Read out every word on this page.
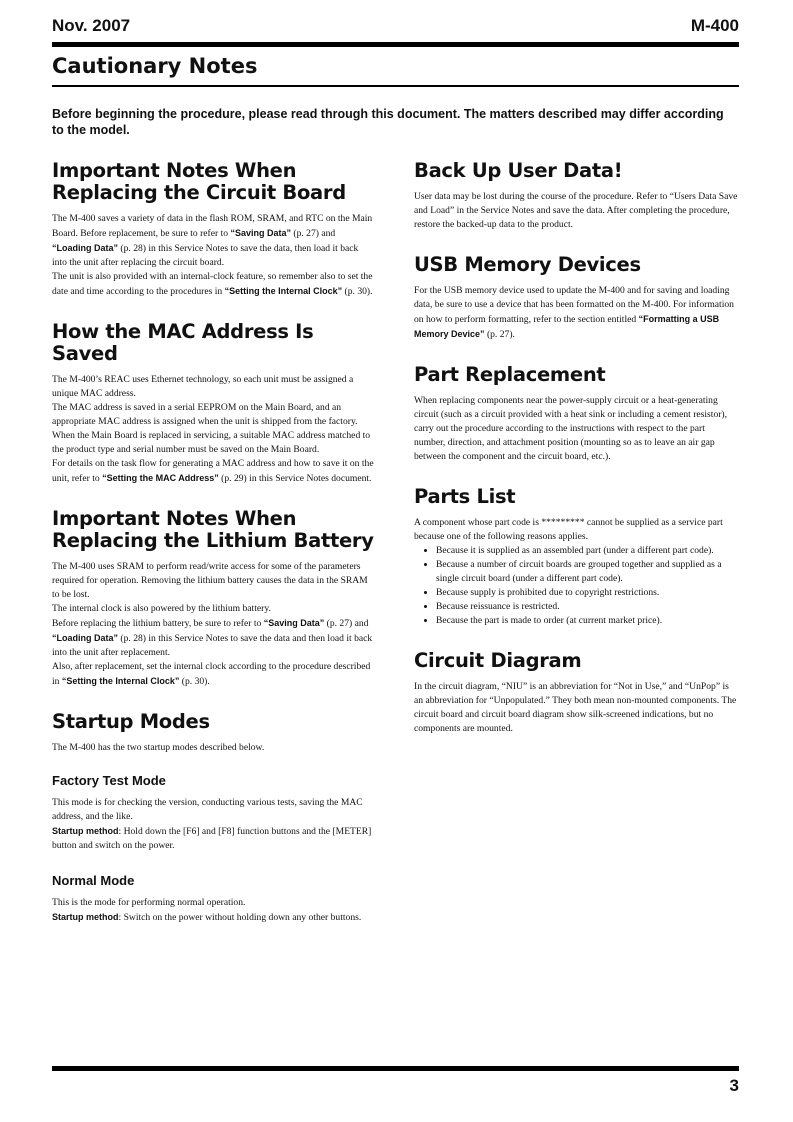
Nov. 2007	M-400
Cautionary Notes

Before beginning the procedure, please read through this document. The matters described may differ according to the model.

Important Notes When Replacing the Circuit Board

The M-400 saves a variety of data in the flash ROM, SRAM, and RTC on the Main Board. Before replacement, be sure to refer to “Saving Data” (p. 27) and “Loading Data” (p. 28) in this Service Notes to save the data, then load it back into the unit after replacing the circuit board.

The unit is also provided with an internal-clock feature, so remember also to set the date and time according to the procedures in “Setting the Internal Clock” (p. 30).

How the MAC Address Is Saved

The M-400’s REAC uses Ethernet technology, so each unit must be assigned a unique MAC address.

The MAC address is saved in a serial EEPROM on the Main Board, and an appropriate MAC address is assigned when the unit is shipped from the factory.

When the Main Board is replaced in servicing, a suitable MAC address matched to the product type and serial number must be saved on the Main Board.

For details on the task flow for generating a MAC address and how to save it on the unit, refer to “Setting the MAC Address” (p. 29) in this Service Notes document.

Important Notes When Replacing the Lithium Battery

The M-400 uses SRAM to perform read/write access for some of the parameters required for operation. Removing the lithium battery causes the data in the SRAM to be lost.

The internal clock is also powered by the lithium battery.

Before replacing the lithium battery, be sure to refer to “Saving Data” (p. 27) and “Loading Data” (p. 28) in this Service Notes to save the data and then load it back into the unit after replacement.

Also, after replacement, set the internal clock according to the procedure described in “Setting the Internal Clock” (p. 30).

Startup Modes

The M-400 has the two startup modes described below.

Factory Test Mode

This mode is for checking the version, conducting various tests, saving the MAC address, and the like.

Startup method: Hold down the [F6] and [F8] function buttons and the [METER] button and switch on the power.

Normal Mode

This is the mode for performing normal operation.

Startup method: Switch on the power without holding down any other buttons.

Back Up User Data!

User data may be lost during the course of the procedure. Refer to “Users Data Save and Load” in the Service Notes and save the data. After completing the procedure, restore the backed-up data to the product.

USB Memory Devices

For the USB memory device used to update the M-400 and for saving and loading data, be sure to use a device that has been formatted on the M-400. For information on how to perform formatting, refer to the section entitled “Formatting a USB Memory Device” (p. 27).

Part Replacement

When replacing components near the power-supply circuit or a heat-generating circuit (such as a circuit provided with a heat sink or including a cement resistor), carry out the procedure according to the instructions with respect to the part number, direction, and attachment position (mounting so as to leave an air gap between the component and the circuit board, etc.).

Parts List

A component whose part code is ********* cannot be supplied as a service part because one of the following reasons applies.

• Because it is supplied as an assembled part (under a different part code).
• Because a number of circuit boards are grouped together and supplied as a single circuit board (under a different part code).
• Because supply is prohibited due to copyright restrictions.
• Because reissuance is restricted.
• Because the part is made to order (at current market price).
Circuit Diagram

In the circuit diagram, “NIU” is an abbreviation for “Not in Use,” and “UnPop” is an abbreviation for “Unpopulated.” They both mean non-mounted components. The circuit board and circuit board diagram show silk-screened indications, but no components are mounted.

3
